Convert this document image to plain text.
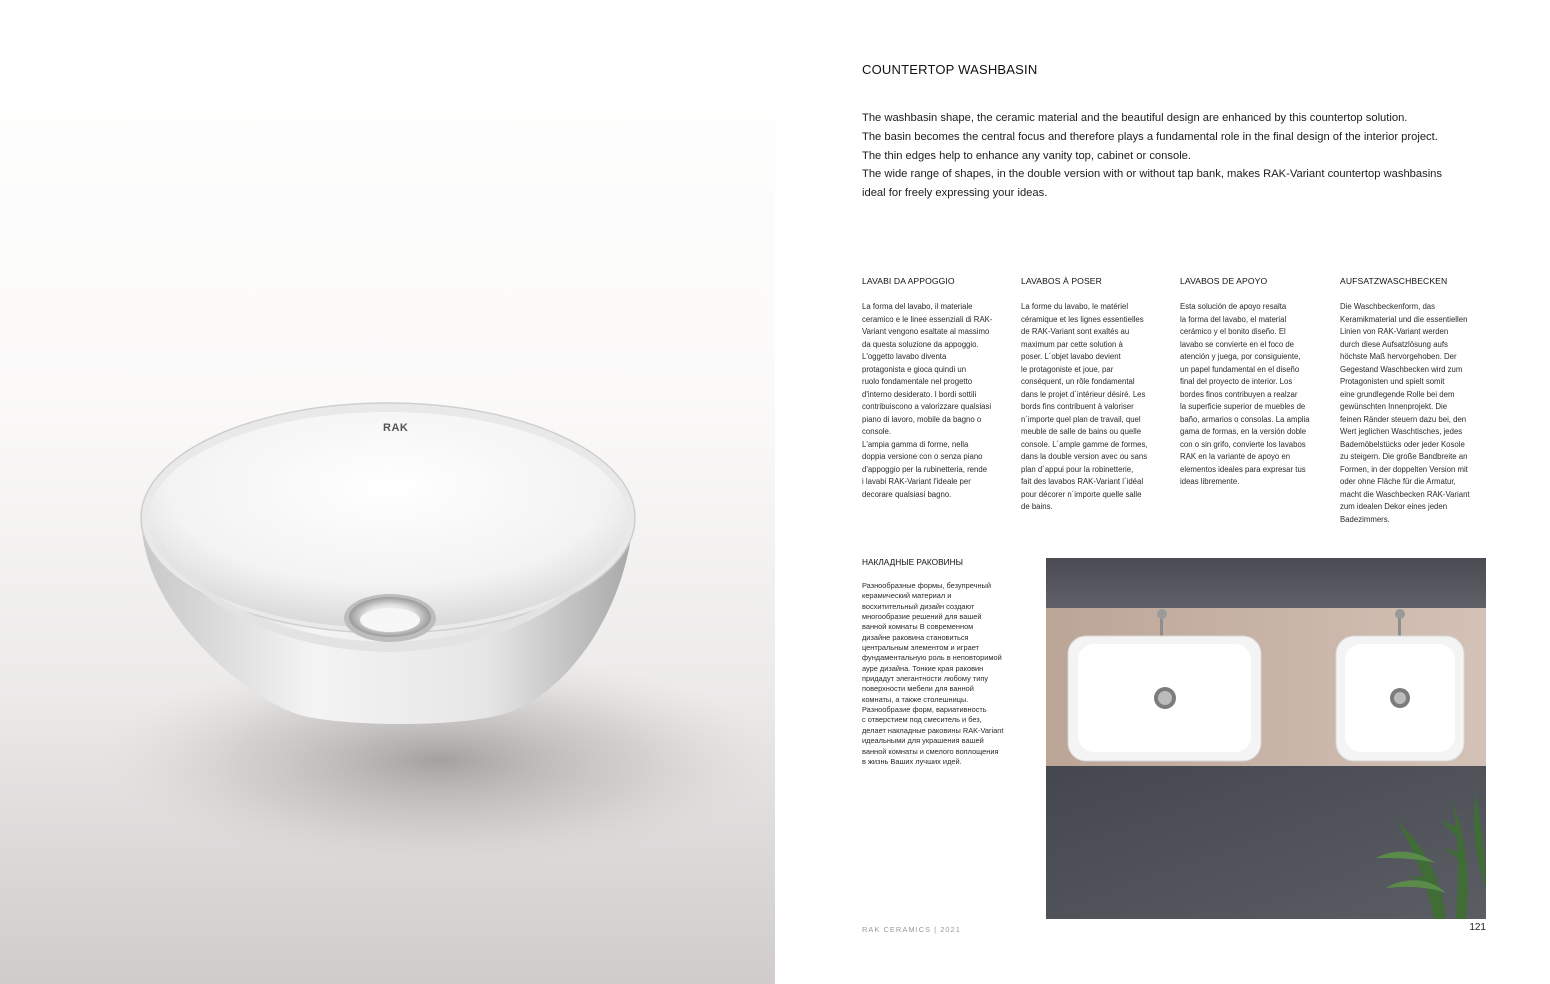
RAK
COUNTERTOP WASHBASIN

The washbasin shape, the ceramic material and the beautiful design are enhanced by this countertop solution.

The basin becomes the central focus and therefore plays a fundamental role in the final design of the interior project.

The thin edges help to enhance any vanity top, cabinet or console.

The wide range of shapes, in the double version with or without tap bank, makes RAK-Variant countertop washbasins

ideal for freely expressing your ideas.

LAVABI DA APPOGGIO

La forma del lavabo, il materiale
ceramico e le linee essenziali di RAK-
Variant vengono esaltate al massimo
da questa soluzione da appoggio.
L'oggetto lavabo diventa
protagonista e gioca quindi un
ruolo fondamentale nel progetto
d'interno desiderato. I bordi sottili
contribuiscono a valorizzare qualsiasi
piano di lavoro, mobile da bagno o
console.
L'ampia gamma di forme, nella
doppia versione con o senza piano
d'appoggio per la rubinetteria, rende
i lavabi RAK-Variant l'ideale per
decorare qualsiasi bagno.

LAVABOS À POSER

La forme du lavabo, le matériel
céramique et les lignes essentielles
de RAK-Variant sont exaltés au
maximum par cette solution à
poser. L´objet lavabo devient
le protagoniste et joue, par
conséquent, un rôle fondamental
dans le projet d´intérieur désiré. Les
bords fins contribuent à valoriser
n´importe quel plan de travail, quel
meuble de salle de bains ou quelle
console. L´ample gamme de formes,
dans la double version avec ou sans
plan d´appui pour la robinetterie,
fait des lavabos RAK-Variant l´idéal
pour décorer n´importe quelle salle
de bains.

LAVABOS DE APOYO

Esta solución de apoyo resalta
la forma del lavabo, el material
cerámico y el bonito diseño. El
lavabo se convierte en el foco de
atención y juega, por consiguiente,
un papel fundamental en el diseño
final del proyecto de interior. Los
bordes finos contribuyen a realzar
la superficie superior de muebles de
baño, armarios o consolas. La amplia
gama de formas, en la versión doble
con o sin grifo, convierte los lavabos
RAK en la variante de apoyo en
elementos ideales para expresar tus
ideas libremente.

AUFSATZWASCHBECKEN

Die Waschbeckenform, das
Keramikmaterial und die essentiellen
Linien von RAK-Variant werden
durch diese Aufsatzlösung aufs
höchste Maß hervorgehoben. Der
Gegestand Waschbecken wird zum
Protagonisten und spielt somit
eine grundlegende Rolle bei dem
gewünschten Innenprojekt. Die
feinen Ränder steuern dazu bei, den
Wert jeglichen Waschtisches, jedes
Bademöbelstücks oder jeder Kosole
zu steigern. Die große Bandbreite an
Formen, in der doppelten Version mit
oder ohne Fläche für die Armatur,
macht die Waschbecken RAK-Variant
zum idealen Dekor eines jeden
Badezimmers.

НАКЛАДНЫЕ РАКОВИНЫ

Разнообразные формы, безупречный
керамический материал и
восхитительный дизайн создают
многообразие решений для вашей
ванной комнаты В современном
дизайне раковина становиться
центральным элементом и играет
фундаментальную роль в неповторимой
ауре дизайна. Тонкие края раковин
придадут элегантности любому типу
поверхности мебели для ванной
комнаты, а также столешницы.
Разнообразие форм, вариативность
с отверстием под смеситель и без,
делает накладные раковины RAK-Variant
идеальными для украшения вашей
ванной комнаты и смелого воплощения
в жизнь Ваших лучших идей.

RAK CERAMICS | 2021	121
